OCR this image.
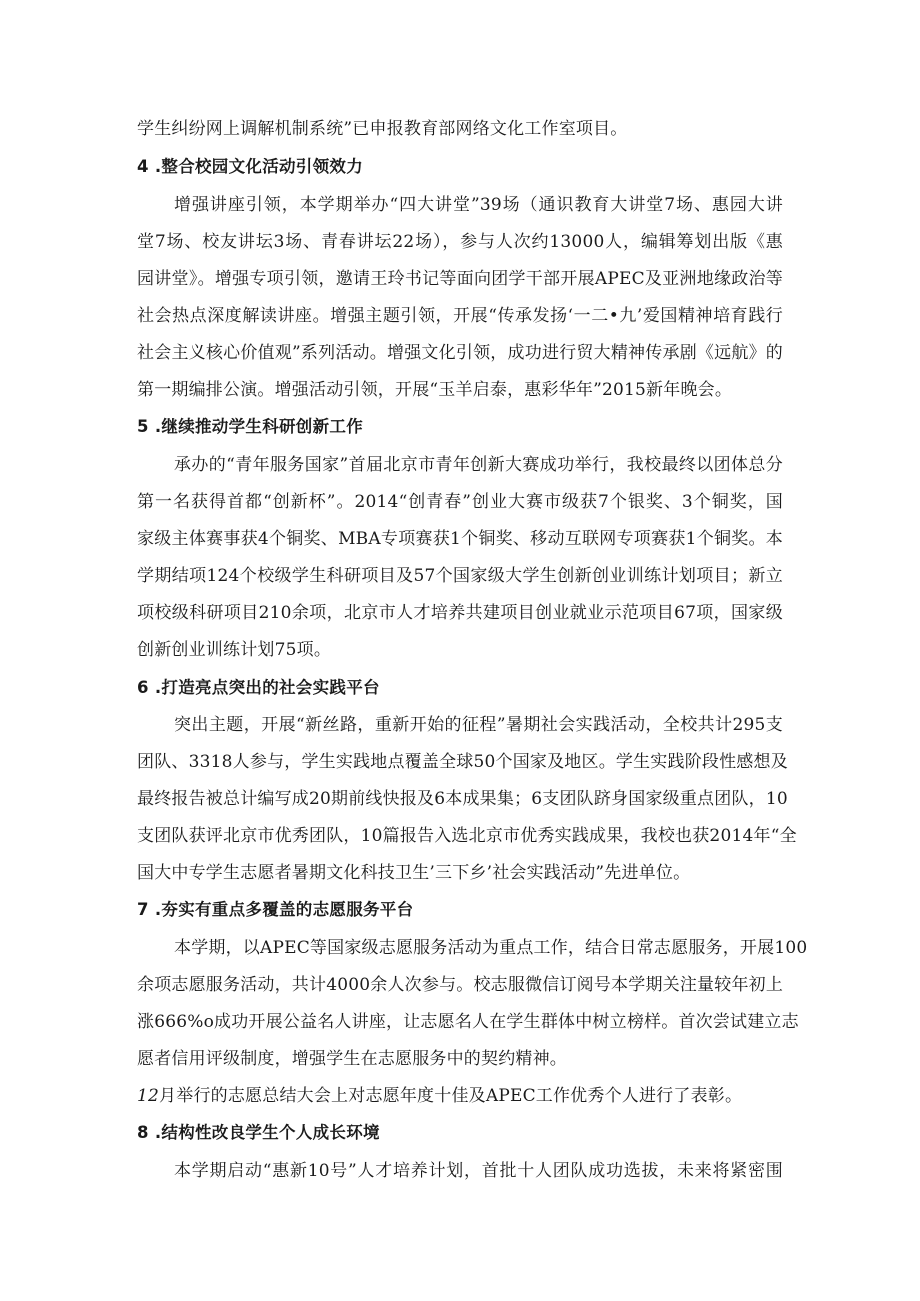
学生纠纷网上调解机制系统”已申报教育部网络文化工作室项目。
4 .整合校园文化活动引领效力
增强讲座引领，本学期举办“四大讲堂”39场（通识教育大讲堂7场、惠园大讲
堂7场、校友讲坛3场、青春讲坛22场），参与人次约13000人，编辑筹划出版《惠
园讲堂》。增强专项引领，邀请王玲书记等面向团学干部开展APEC及亚洲地缘政治等
社会热点深度解读讲座。增强主题引领，开展“传承发扬‘一二•九’爱国精神培育践行
社会主义核心价值观”系列活动。增强文化引领，成功进行贸大精神传承剧《远航》的
第一期编排公演。增强活动引领，开展“玉羊启泰，惠彩华年”2015新年晚会。
5 .继续推动学生科研创新工作
承办的“青年服务国家”首届北京市青年创新大赛成功举行，我校最终以团体总分
第一名获得首都“创新杯”。2014“创青春”创业大赛市级获7个银奖、3个铜奖，国
家级主体赛事获4个铜奖、MBA专项赛获1个铜奖、移动互联网专项赛获1个铜奖。本
学期结项124个校级学生科研项目及57个国家级大学生创新创业训练计划项目；新立
项校级科研项目210余项，北京市人才培养共建项目创业就业示范项目67项，国家级
创新创业训练计划75项。
6 .打造亮点突出的社会实践平台
突出主题，开展“新丝路，重新开始的征程”暑期社会实践活动，全校共计295支
团队、3318人参与，学生实践地点覆盖全球50个国家及地区。学生实践阶段性感想及
最终报告被总计编写成20期前线快报及6本成果集；6支团队跻身国家级重点团队，10
支团队获评北京市优秀团队，10篇报告入选北京市优秀实践成果，我校也获2014年“全
国大中专学生志愿者暑期文化科技卫生’三下乡’社会实践活动”先进单位。
7 .夯实有重点多覆盖的志愿服务平台
本学期，以APEC等国家级志愿服务活动为重点工作，结合日常志愿服务，开展100
余项志愿服务活动，共计4000余人次参与。校志服微信订阅号本学期关注量较年初上
涨666%o成功开展公益名人讲座，让志愿名人在学生群体中树立榜样。首次尝试建立志
愿者信用评级制度，增强学生在志愿服务中的契约精神。
12月举行的志愿总结大会上对志愿年度十佳及APEC工作优秀个人进行了表彰。
8 .结构性改良学生个人成长环境
本学期启动“惠新10号”人才培养计划，首批十人团队成功选拔，未来将紧密围
